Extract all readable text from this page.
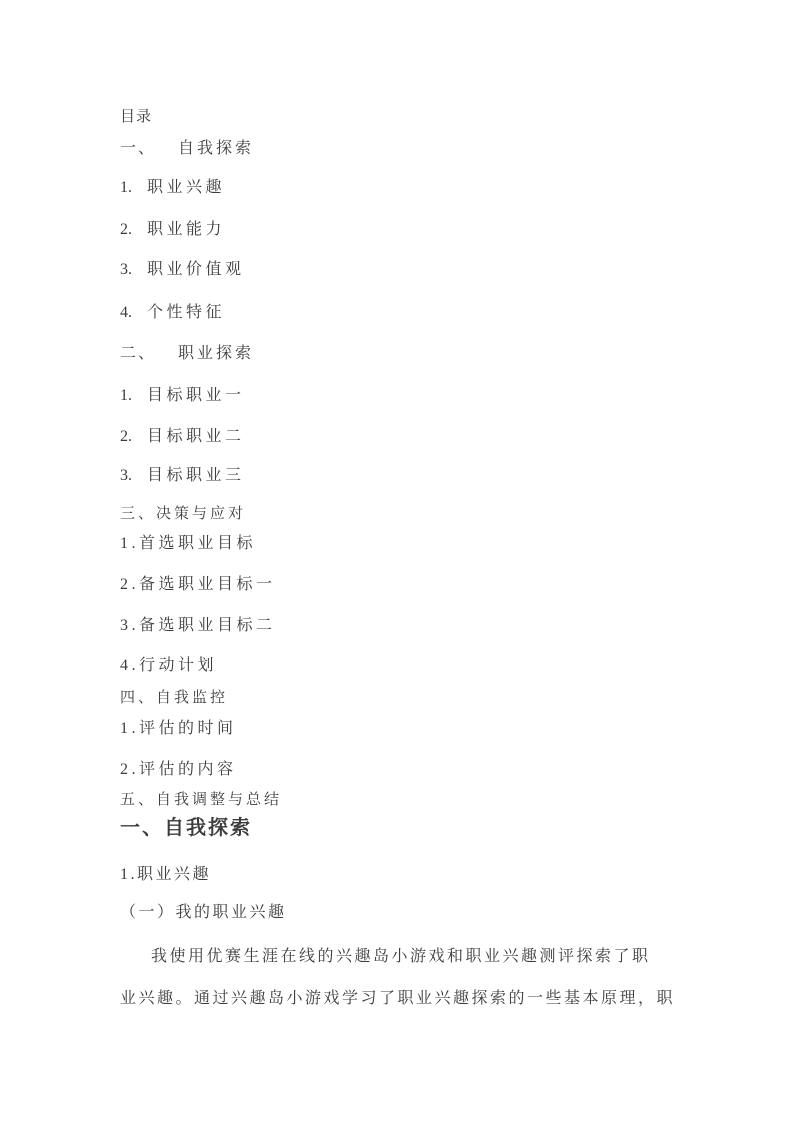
目录
一、 自我探索
1. 职业兴趣
2. 职业能力
3. 职业价值观
4. 个性特征
二、 职业探索
1. 目标职业一
2. 目标职业二
3. 目标职业三
三、决策与应对
1.首选职业目标
2.备选职业目标一
3.备选职业目标二
4.行动计划
四、自我监控
1.评估的时间
2.评估的内容
五、自我调整与总结
一、自我探索
1.职业兴趣
（一）我的职业兴趣
我使用优赛生涯在线的兴趣岛小游戏和职业兴趣测评探索了职
业兴趣。通过兴趣岛小游戏学习了职业兴趣探索的一些基本原理，职
